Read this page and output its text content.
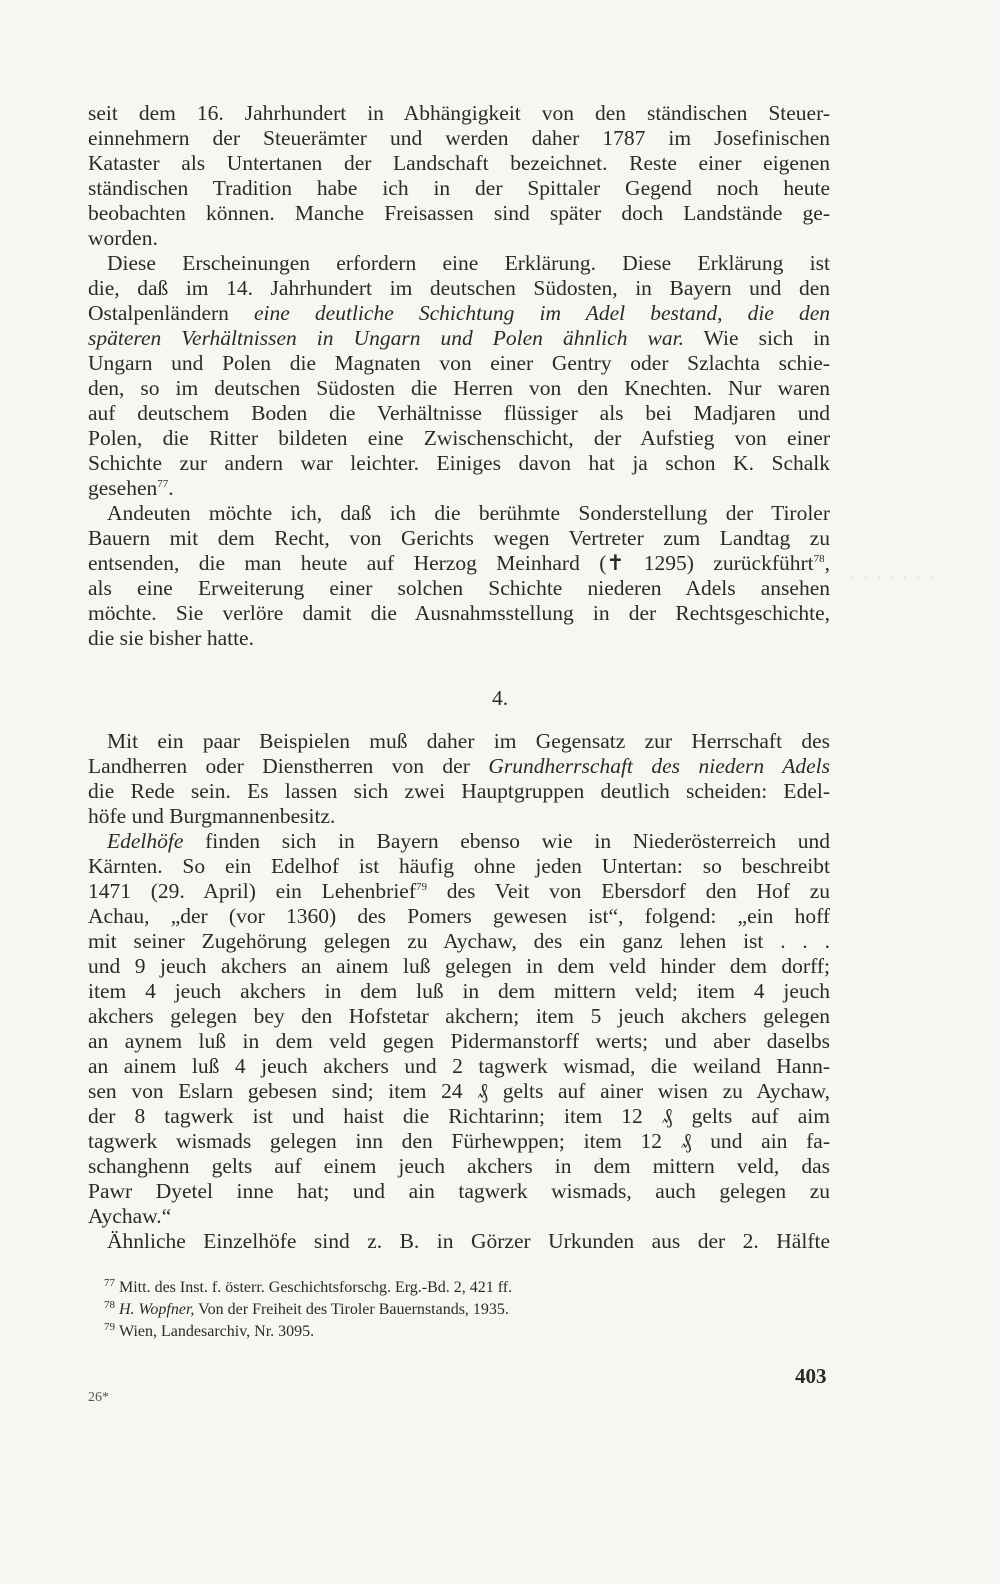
seit dem 16. Jahrhundert in Abhängigkeit von den ständischen Steuer-
einnehmern der Steuerämter und werden daher 1787 im Josefinischen
Kataster als Untertanen der Landschaft bezeichnet. Reste einer eigenen
ständischen Tradition habe ich in der Spittaler Gegend noch heute
beobachten können. Manche Freisassen sind später doch Landstände ge-
worden.
Diese Erscheinungen erfordern eine Erklärung. Diese Erklärung ist
die, daß im 14. Jahrhundert im deutschen Südosten, in Bayern und den
Ostalpenländern eine deutliche Schichtung im Adel bestand, die den
späteren Verhältnissen in Ungarn und Polen ähnlich war. Wie sich in
Ungarn und Polen die Magnaten von einer Gentry oder Szlachta schie-
den, so im deutschen Südosten die Herren von den Knechten. Nur waren
auf deutschem Boden die Verhältnisse flüssiger als bei Madjaren und
Polen, die Ritter bildeten eine Zwischenschicht, der Aufstieg von einer
Schichte zur andern war leichter. Einiges davon hat ja schon K. Schalk
gesehen$^{77}$.
Andeuten möchte ich, daß ich die berühmte Sonderstellung der Tiroler
Bauern mit dem Recht, von Gerichts wegen Vertreter zum Landtag zu
entsenden, die man heute auf Herzog Meinhard (✝ 1295) zurückführt$^{78}$,
als eine Erweiterung einer solchen Schichte niederen Adels ansehen
möchte. Sie verlöre damit die Ausnahmsstellung in der Rechtsgeschichte,
die sie bisher hatte.
· · · · · · · ·
4.
Mit ein paar Beispielen muß daher im Gegensatz zur Herrschaft des
Landherren oder Dienstherren von der Grundherrschaft des niedern Adels
die Rede sein. Es lassen sich zwei Hauptgruppen deutlich scheiden: Edel-
höfe und Burgmannenbesitz.
Edelhöfe finden sich in Bayern ebenso wie in Niederösterreich und
Kärnten. So ein Edelhof ist häufig ohne jeden Untertan: so beschreibt
1471 (29. April) ein Lehenbrief$^{79}$ des Veit von Ebersdorf den Hof zu
Achau, „der (vor 1360) des Pomers gewesen ist“, folgend: „ein hoff
mit seiner Zugehörung gelegen zu Aychaw, des ein ganz lehen ist . . .
und 9 jeuch akchers an ainem luß gelegen in dem veld hinder dem dorff;
item 4 jeuch akchers in dem luß in dem mittern veld; item 4 jeuch
akchers gelegen bey den Hofstetar akchern; item 5 jeuch akchers gelegen
an aynem luß in dem veld gegen Pidermanstorff werts; und aber daselbs
an ainem luß 4 jeuch akchers und 2 tagwerk wismad, die weiland Hann-
sen von Eslarn gebesen sind; item 24 ₰ gelts auf ainer wisen zu Aychaw,
der 8 tagwerk ist und haist die Richtarinn; item 12 ₰ gelts auf aim
tagwerk wismads gelegen inn den Fürhewppen; item 12 ₰ und ain fa-
schanghenn gelts auf einem jeuch akchers in dem mittern veld, das
Pawr Dyetel inne hat; und ain tagwerk wismads, auch gelegen zu
Aychaw.“
Ähnliche Einzelhöfe sind z. B. in Görzer Urkunden aus der 2. Hälfte
$^{77}$ Mitt. des Inst. f. österr. Geschichtsforschg. Erg.-Bd. 2, 421 ff.
$^{78}$ H. Wopfner, Von der Freiheit des Tiroler Bauernstands, 1935.
$^{79}$ Wien, Landesarchiv, Nr. 3095.
403
26*
